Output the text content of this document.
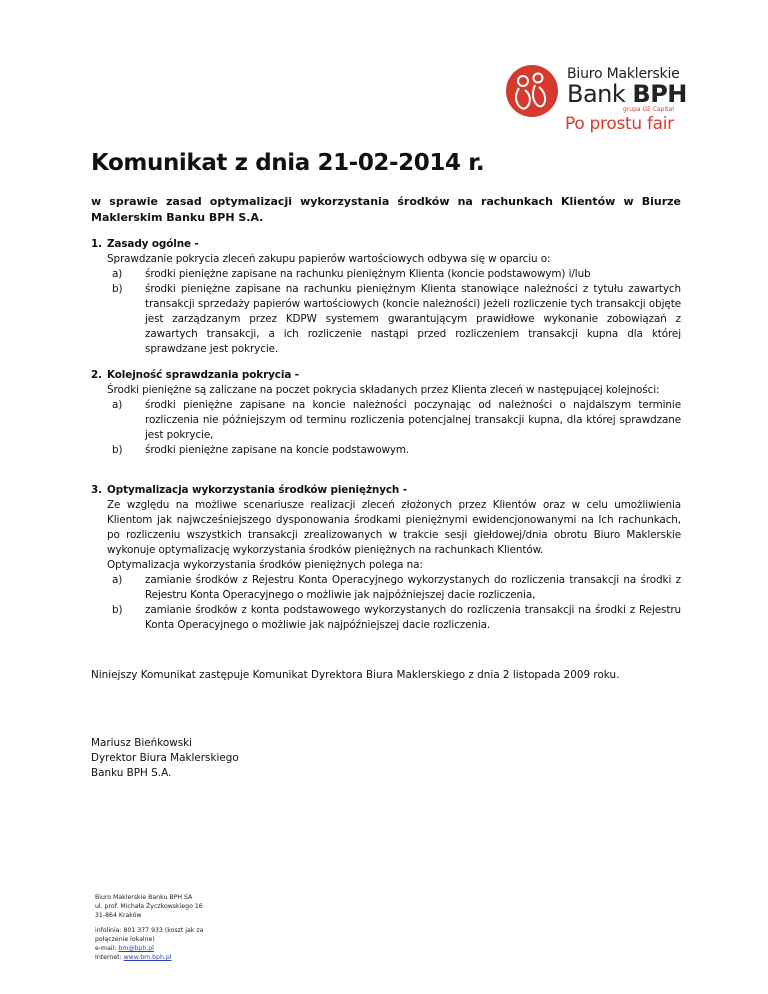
Biuro Maklerskie
Bank BPH
grupa GE Capital
Po prostu fair
Komunikat z dnia 21-02-2014 r.
w sprawie zasad optymalizacji wykorzystania środków na rachunkach Klientów w Biurze Maklerskim Banku BPH S.A.
1. Zasady ogólne -
Sprawdzanie pokrycia zleceń zakupu papierów wartościowych odbywa się w oparciu o:
a)	środki pieniężne zapisane na rachunku pieniężnym Klienta (koncie podstawowym) i/lub
b)	środki pieniężne zapisane na rachunku pieniężnym Klienta stanowiące należności z tytułu zawartych transakcji sprzedaży papierów wartościowych (koncie należności) jeżeli rozliczenie tych transakcji objęte jest zarządzanym przez KDPW systemem gwarantującym prawidłowe wykonanie zobowiązań z zawartych transakcji, a ich rozliczenie nastąpi przed rozliczeniem transakcji kupna dla której sprawdzane jest pokrycie.
2. Kolejność sprawdzania pokrycia -
Środki pieniężne są zaliczane na poczet pokrycia składanych przez Klienta zleceń w następującej kolejności:
a)	środki pieniężne zapisane na koncie należności poczynając od należności o najdalszym terminie rozliczenia nie późniejszym od terminu rozliczenia potencjalnej transakcji kupna, dla której sprawdzane jest pokrycie,
b)	środki pieniężne zapisane na koncie podstawowym.
3. Optymalizacja wykorzystania środków pieniężnych -
Ze względu na możliwe scenariusze realizacji zleceń złożonych przez Klientów oraz w celu umożliwienia Klientom jak najwcześniejszego dysponowania środkami pieniężnymi ewidencjonowanymi na Ich rachunkach, po rozliczeniu wszystkich transakcji zrealizowanych w trakcie sesji giełdowej/dnia obrotu Biuro Maklerskie wykonuje optymalizację wykorzystania środków pieniężnych na rachunkach Klientów.
Optymalizacja wykorzystania środków pieniężnych polega na:
a)	zamianie środków z Rejestru Konta Operacyjnego wykorzystanych do rozliczenia transakcji na środki z Rejestru Konta Operacyjnego o możliwie jak najpóźniejszej dacie rozliczenia,
b)	zamianie środków z konta podstawowego wykorzystanych do rozliczenia transakcji na środki z Rejestru Konta Operacyjnego o możliwie jak najpóźniejszej dacie rozliczenia.
Niniejszy Komunikat zastępuje Komunikat Dyrektora Biura Maklerskiego z dnia 2 listopada 2009 roku.
Mariusz Bieńkowski
Dyrektor Biura Maklerskiego
Banku BPH S.A.
Biuro Maklerskie Banku BPH SA
ul. prof. Michała Życzkowskiego 16
31-864 Kraków
infolinia: 801 377 933 (koszt jak za
połączenie lokalne)
e-mail: bm@bph.pl
Internet: www.bm.bph.pl
